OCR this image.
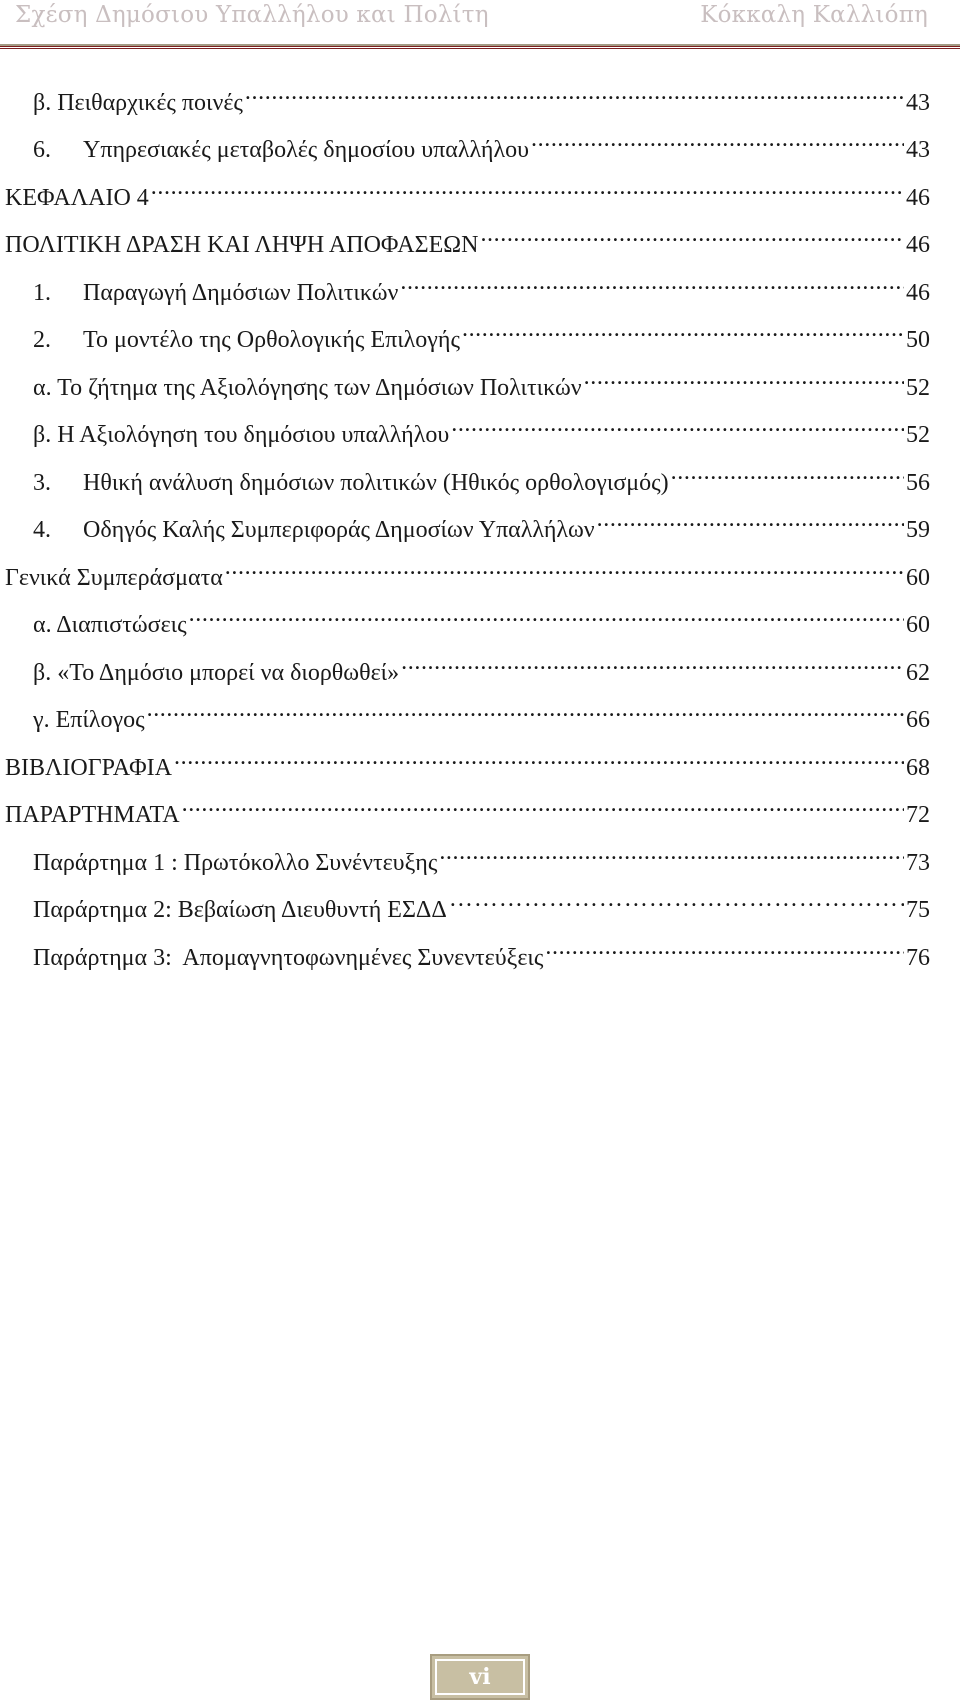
Σχέση Δημόσιου Υπαλλήλου και Πολίτη	Κόκκαλη Καλλιόπη
β. Πειθαρχικές ποινές .....	43
6.	Υπηρεσιακές μεταβολές δημοσίου υπαλλήλου .....	43
ΚΕΦΑΛΑΙΟ 4 .....	46
ΠΟΛΙΤΙΚΗ ΔΡΑΣΗ ΚΑΙ ΛΗΨΗ ΑΠΟΦΑΣΕΩΝ .....	46
1.	Παραγωγή Δημόσιων Πολιτικών .....	46
2.	Το μοντέλο της Ορθολογικής Επιλογής .....	50
α. Το ζήτημα της Αξιολόγησης των Δημόσιων Πολιτικών .....	52
β. Η Αξιολόγηση του δημόσιου υπαλλήλου .....	52
3.	Ηθική ανάλυση δημόσιων πολιτικών (Ηθικός ορθολογισμός) .....	56
4.	Οδηγός Καλής Συμπεριφοράς Δημοσίων Υπαλλήλων .....	59
Γενικά Συμπεράσματα .....	60
α. Διαπιστώσεις .....	60
β. «Το Δημόσιο μπορεί να διορθωθεί» .....	62
γ. Επίλογος .....	66
ΒΙΒΛΙΟΓΡΑΦΙΑ .....	68
ΠΑΡΑΡΤΗΜΑΤΑ .....	72
Παράρτημα 1 : Πρωτόκολλο Συνέντευξης .....	73
Παράρτημα 2: Βεβαίωση Διευθυντή ΕΣΔΔ …………………………………………………………………………………………………………………………………………………………	75
Παράρτημα 3:  Απομαγνητοφωνημένες Συνεντεύξεις .....	76
vi
